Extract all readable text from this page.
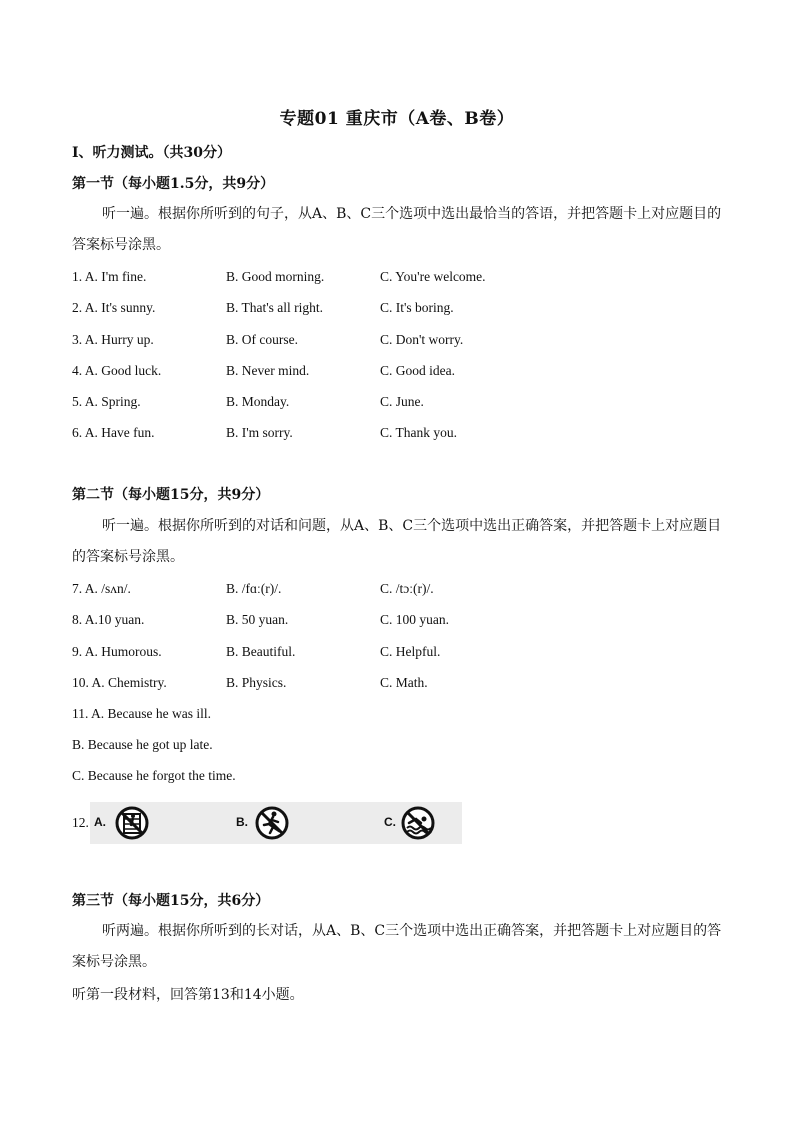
专题01 重庆市（A卷、B卷）
I、听力测试。（共30分）
第一节（每小题1.5分，共9分）
听一遍。根据你所听到的句子，从A、B、C三个选项中选出最恰当的答语，并把答题卡上对应题目的答案标号涂黑。
1. A. I'm fine.	B. Good morning.	C. You're welcome.
2. A. It's sunny.	B. That's all right.	C. It's boring.
3. A. Hurry up.	B. Of course.	C. Don't worry.
4. A. Good luck.	B. Never mind.	C. Good idea.
5. A. Spring.	B. Monday.	C. June.
6. A. Have fun.	B. I'm sorry.	C. Thank you.
第二节（每小题15分，共9分）
听一遍。根据你所听到的对话和问题，从A、B、C三个选项中选出正确答案，并把答题卡上对应题目的答案标号涂黑。
7. A. /sʌn/.	B. /fɑː(r)/.	C. /tɔː(r)/.
8. A.10 yuan.	B. 50 yuan.	C. 100 yuan.
9. A. Humorous.	B. Beautiful.	C. Helpful.
10. A. Chemistry.	B. Physics.	C. Math.
11. A. Because he was ill.
B. Because he got up late.
C. Because he forgot the time.
12. A.	B.	C.
第三节（每小题15分，共6分）
听两遍。根据你所听到的长对话，从A、B、C三个选项中选出正确答案，并把答题卡上对应题目的答案标号涂黑。
听第一段材料，回答第13和14小题。
